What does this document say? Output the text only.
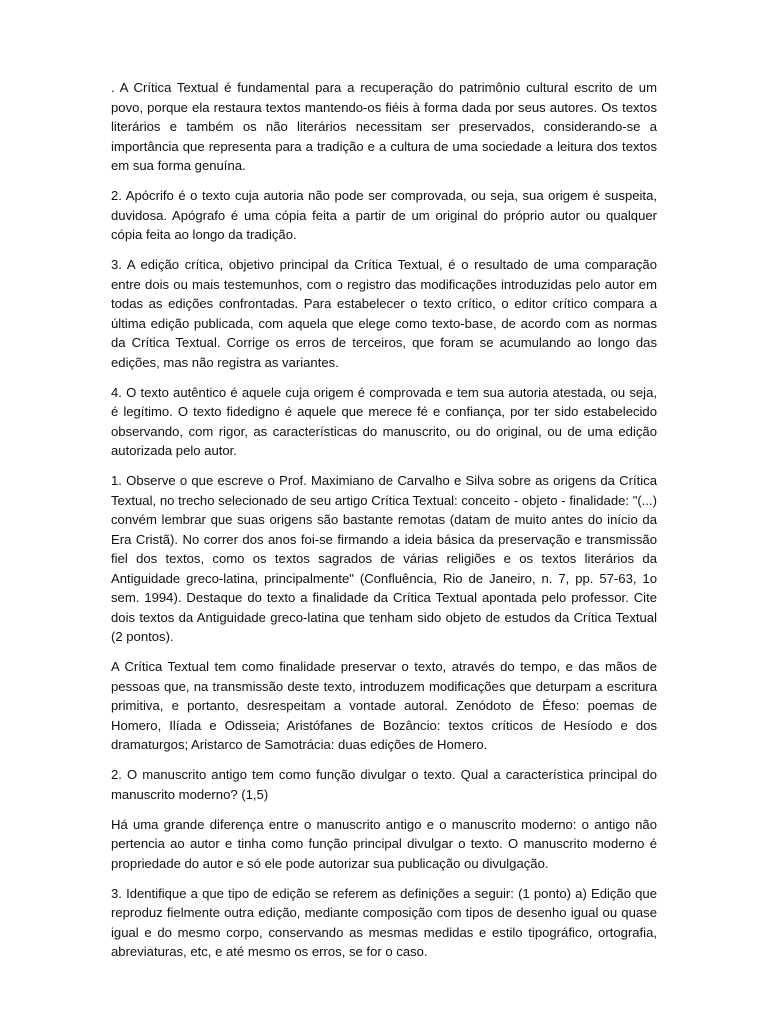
. A Crítica Textual é fundamental para a recuperação do patrimônio cultural escrito de um povo, porque ela restaura textos mantendo-os fiéis à forma dada por seus autores. Os textos literários e também os não literários necessitam ser preservados, considerando-se a importância que representa para a tradição e a cultura de uma sociedade a leitura dos textos em sua forma genuína.

2. Apócrifo é o texto cuja autoria não pode ser comprovada, ou seja, sua origem é suspeita, duvidosa. Apógrafo é uma cópia feita a partir de um original do próprio autor ou qualquer cópia feita ao longo da tradição.

3. A edição crítica, objetivo principal da Crítica Textual, é o resultado de uma comparação entre dois ou mais testemunhos, com o registro das modificações introduzidas pelo autor em todas as edições confrontadas. Para estabelecer o texto crítico, o editor crítico compara a última edição publicada, com aquela que elege como texto-base, de acordo com as normas da Crítica Textual. Corrige os erros de terceiros, que foram se acumulando ao longo das edições, mas não registra as variantes.

4. O texto autêntico é aquele cuja origem é comprovada e tem sua autoria atestada, ou seja, é legítimo. O texto fidedigno é aquele que merece fé e confiança, por ter sido estabelecido observando, com rigor, as características do manuscrito, ou do original, ou de uma edição autorizada pelo autor.

1. Observe o que escreve o Prof. Maximiano de Carvalho e Silva sobre as origens da Crítica Textual, no trecho selecionado de seu artigo Crítica Textual: conceito - objeto - finalidade: "(...) convém lembrar que suas origens são bastante remotas (datam de muito antes do início da Era Cristã). No correr dos anos foi-se firmando a ideia básica da preservação e transmissão fiel dos textos, como os textos sagrados de várias religiões e os textos literários da Antiguidade greco-latina, principalmente" (Confluência, Rio de Janeiro, n. 7, pp. 57-63, 1o sem. 1994). Destaque do texto a finalidade da Crítica Textual apontada pelo professor. Cite dois textos da Antiguidade greco-latina que tenham sido objeto de estudos da Crítica Textual (2 pontos).

A Crítica Textual tem como finalidade preservar o texto, através do tempo, e das mãos de pessoas que, na transmissão deste texto, introduzem modificações que deturpam a escritura primitiva, e portanto, desrespeitam a vontade autoral. Zenódoto de Éfeso: poemas de Homero, Ilíada e Odisseia; Aristófanes de Bozâncio: textos críticos de Hesíodo e dos dramaturgos; Aristarco de Samotrácia: duas edições de Homero.

2. O manuscrito antigo tem como função divulgar o texto. Qual a característica principal do manuscrito moderno? (1,5)

Há uma grande diferença entre o manuscrito antigo e o manuscrito moderno: o antigo não pertencia ao autor e tinha como função principal divulgar o texto. O manuscrito moderno é propriedade do autor e só ele pode autorizar sua publicação ou divulgação.

3. Identifique a que tipo de edição se referem as definições a seguir: (1 ponto) a) Edição que reproduz fielmente outra edição, mediante composição com tipos de desenho igual ou quase igual e do mesmo corpo, conservando as mesmas medidas e estilo tipográfico, ortografia, abreviaturas, etc, e até mesmo os erros, se for o caso.
